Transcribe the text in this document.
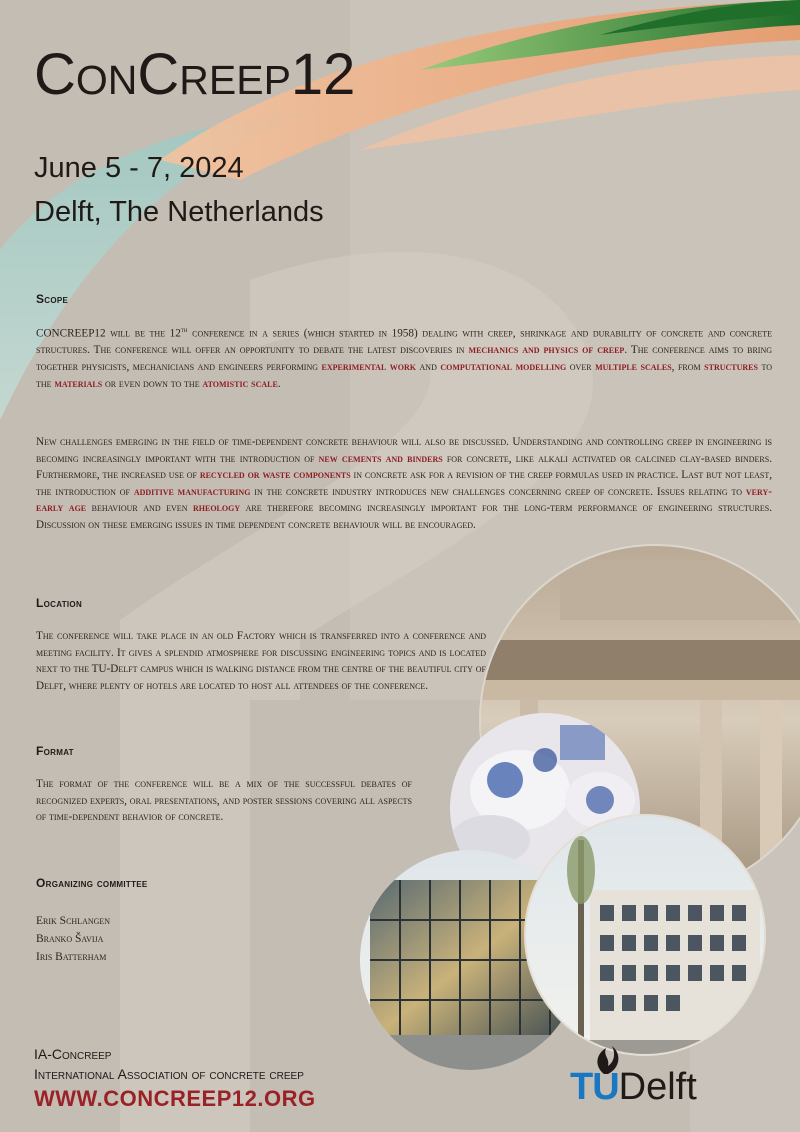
ConCreep12
June 5 - 7, 2024
Delft, The Netherlands
Scope
CONCREEP12 will be the 12th conference in a series (which started in 1958) dealing with creep, shrinkage and durability of concrete and concrete structures. The conference will offer an opportunity to debate the latest discoveries in mechanics and physics of creep. The conference aims to bring together physicists, mechanicians and engineers performing experimental work and computational modelling over multiple scales, from structures to the materials or even down to the atomistic scale.
New challenges emerging in the field of time-dependent concrete behaviour will also be discussed. Understanding and controlling creep in engineering is becoming increasingly important with the introduction of new cements and binders for concrete, like alkali activated or calcined clay-based binders. Furthermore, the increased use of recycled or waste components in concrete ask for a revision of the creep formulas used in practice. Last but not least, the introduction of additive manufacturing in the concrete industry introduces new challenges concerning creep of concrete. Issues relating to very-early age behaviour and even rheology are therefore becoming increasingly important for the long-term performance of engineering structures. Discussion on these emerging issues in time dependent concrete behaviour will be encouraged.
Location
The conference will take place in an old Factory which is transferred into a conference and meeting facility. It gives a splendid atmosphere for discussing engineering topics and is located next to the TU-Delft campus which is walking distance from the centre of the beautiful city of Delft, where plenty of hotels are located to host all attendees of the conference.
Format
The format of the conference will be a mix of the successful debates of recognized experts, oral presentations, and poster sessions covering all aspects of time-dependent behavior of concrete.
Organizing committee
Erik Schlangen
Branko Šavija
Iris Batterham
IA-Concreep
International Association of concrete creep
WWW.CONCREEP12.ORG	TUDelft
